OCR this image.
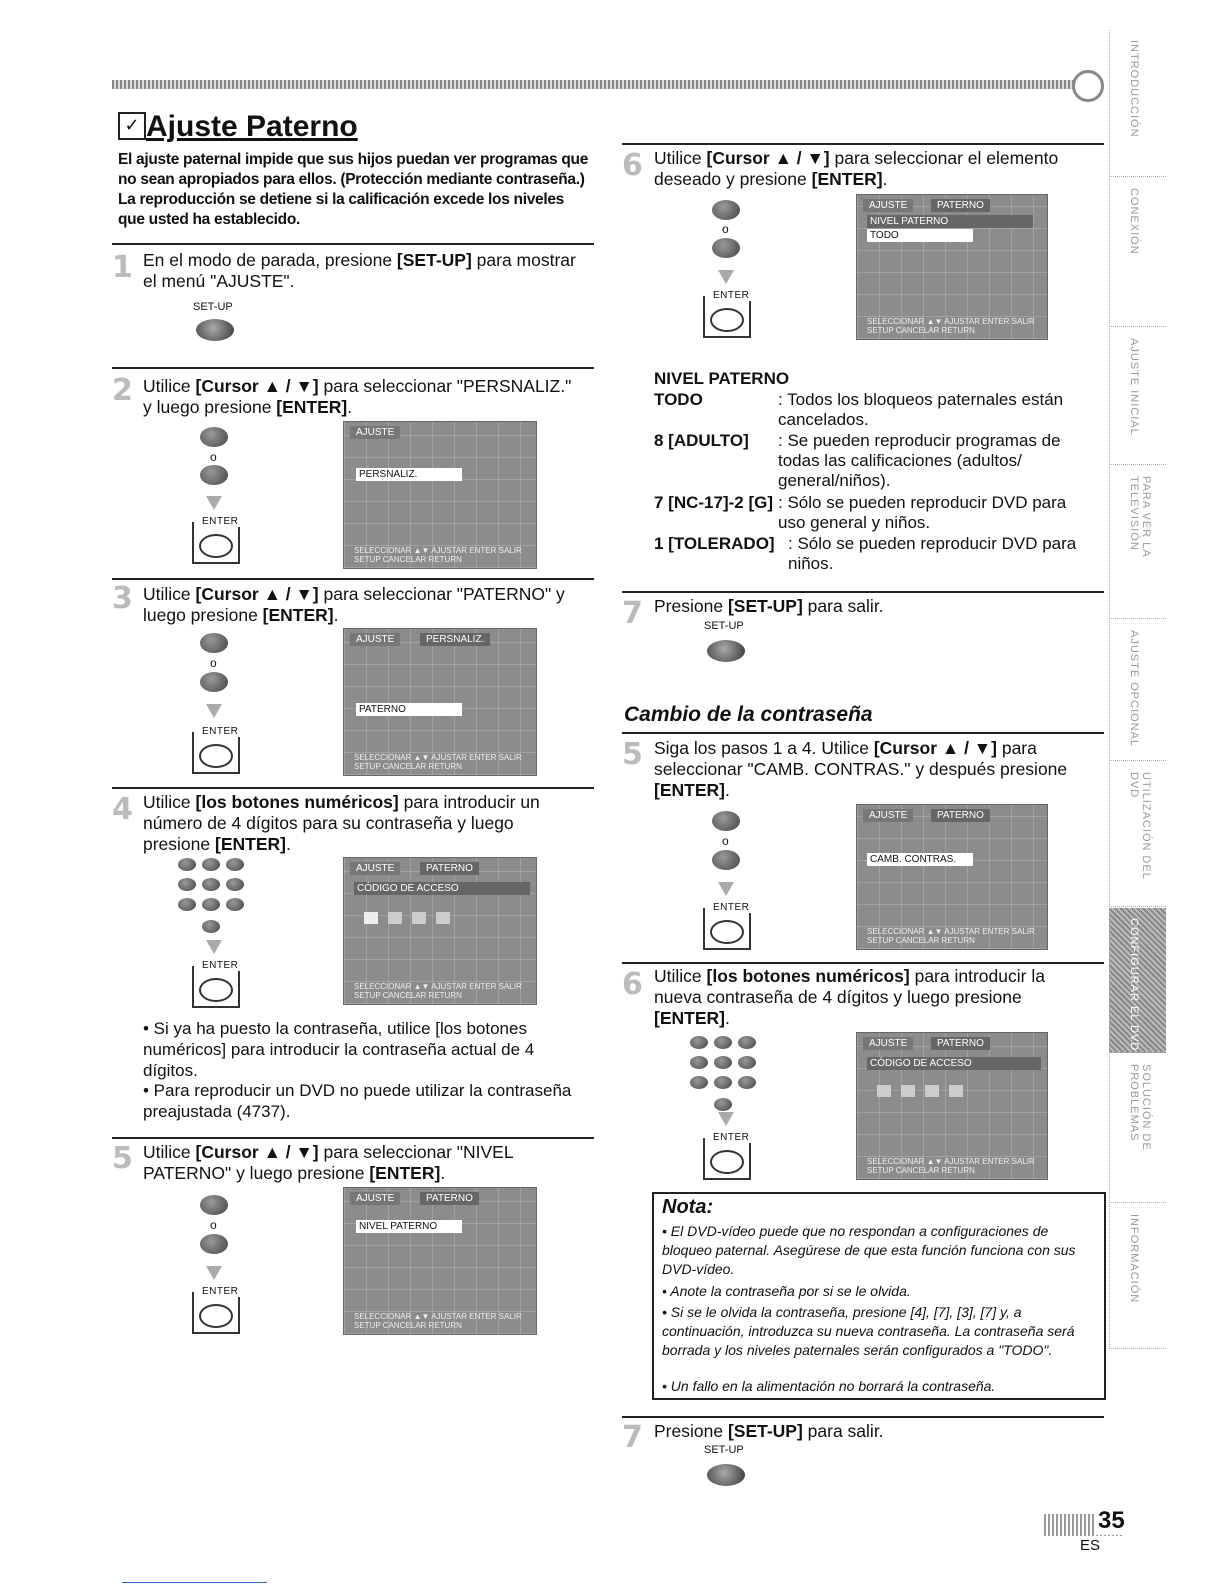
✓ Ajuste Paterno
El ajuste paternal impide que sus hijos puedan ver programas que no sean apropiados para ellos. (Protección mediante contraseña.) La reproducción se detiene si la calificación excede los niveles que usted ha establecido.
1 En el modo de parada, presione [SET-UP] para mostrar el menú "AJUSTE".
SET-UP
2 Utilice [Cursor ▲ / ▼] para seleccionar "PERSNALIZ." y luego presione [ENTER].
o
ENTER
AJUSTE
PERSNALIZ.
SELECCIONAR ▲▼ AJUSTAR ENTER SALIR SETUP CANCELAR RETURN
3 Utilice [Cursor ▲ / ▼] para seleccionar "PATERNO" y luego presione [ENTER].
o
ENTER
AJUSTE	PERSNALIZ.
PATERNO
SELECCIONAR ▲▼ AJUSTAR ENTER SALIR SETUP CANCELAR RETURN
4 Utilice [los botones numéricos] para introducir un número de 4 dígitos para su contraseña y luego presione [ENTER].
ENTER
AJUSTE	PATERNO
CÓDIGO DE ACCESO
SELECCIONAR ▲▼ AJUSTAR ENTER SALIR SETUP CANCELAR RETURN
• Si ya ha puesto la contraseña, utilice [los botones numéricos] para introducir la contraseña actual de 4 dígitos.
• Para reproducir un DVD no puede utilizar la contraseña preajustada (4737).
5 Utilice [Cursor ▲ / ▼] para seleccionar "NIVEL PATERNO" y luego presione [ENTER].
o
ENTER
AJUSTE	PATERNO
NIVEL PATERNO
SELECCIONAR ▲▼ AJUSTAR ENTER SALIR SETUP CANCELAR RETURN
6 Utilice [Cursor ▲ / ▼] para seleccionar el elemento deseado y presione [ENTER].
o
ENTER
AJUSTE	PATERNO
NIVEL PATERNO
TODO
SELECCIONAR ▲▼ AJUSTAR ENTER SALIR SETUP CANCELAR RETURN
NIVEL PATERNO
TODO	: Todos los bloqueos paternales están cancelados.
8 [ADULTO] : Se pueden reproducir programas de todas las calificaciones (adultos/ general/niños).
7 [NC-17]-2 [G] : Sólo se pueden reproducir DVD para uso general y niños.
1 [TOLERADO] : Sólo se pueden reproducir DVD para niños.
7 Presione [SET-UP] para salir.
SET-UP
Cambio de la contraseña
5 Siga los pasos 1 a 4. Utilice [Cursor ▲ / ▼] para seleccionar "CAMB. CONTRAS." y después presione [ENTER].
o
ENTER
AJUSTE	PATERNO
CAMB. CONTRAS.
SELECCIONAR ▲▼ AJUSTAR ENTER SALIR SETUP CANCELAR RETURN
6 Utilice [los botones numéricos] para introducir la nueva contraseña de 4 dígitos y luego presione [ENTER].
ENTER
AJUSTE	PATERNO
CÓDIGO DE ACCESO
SELECCIONAR ▲▼ AJUSTAR ENTER SALIR SETUP CANCELAR RETURN
Nota:
• El DVD-vídeo puede que no respondan a configuraciones de bloqueo paternal. Asegúrese de que esta función funciona con sus DVD-vídeo.
• Anote la contraseña por si se le olvida.
• Si se le olvida la contraseña, presione [4], [7], [3], [7] y, a continuación, introduzca su nueva contraseña. La contraseña será borrada y los niveles paternales serán configurados a "TODO".
• Un fallo en la alimentación no borrará la contraseña.
7 Presione [SET-UP] para salir.
SET-UP
INTRODUCCIÓN
CONEXIÓN
AJUSTE INICIAL
PARA VER LA TELEVISIÓN
AJUSTE OPCIONAL
UTILIZACIÓN DEL DVD
CONFIGURAR EL DVD
SOLUCIÓN DE PROBLEMAS
INFORMACIÓN
35
ES
